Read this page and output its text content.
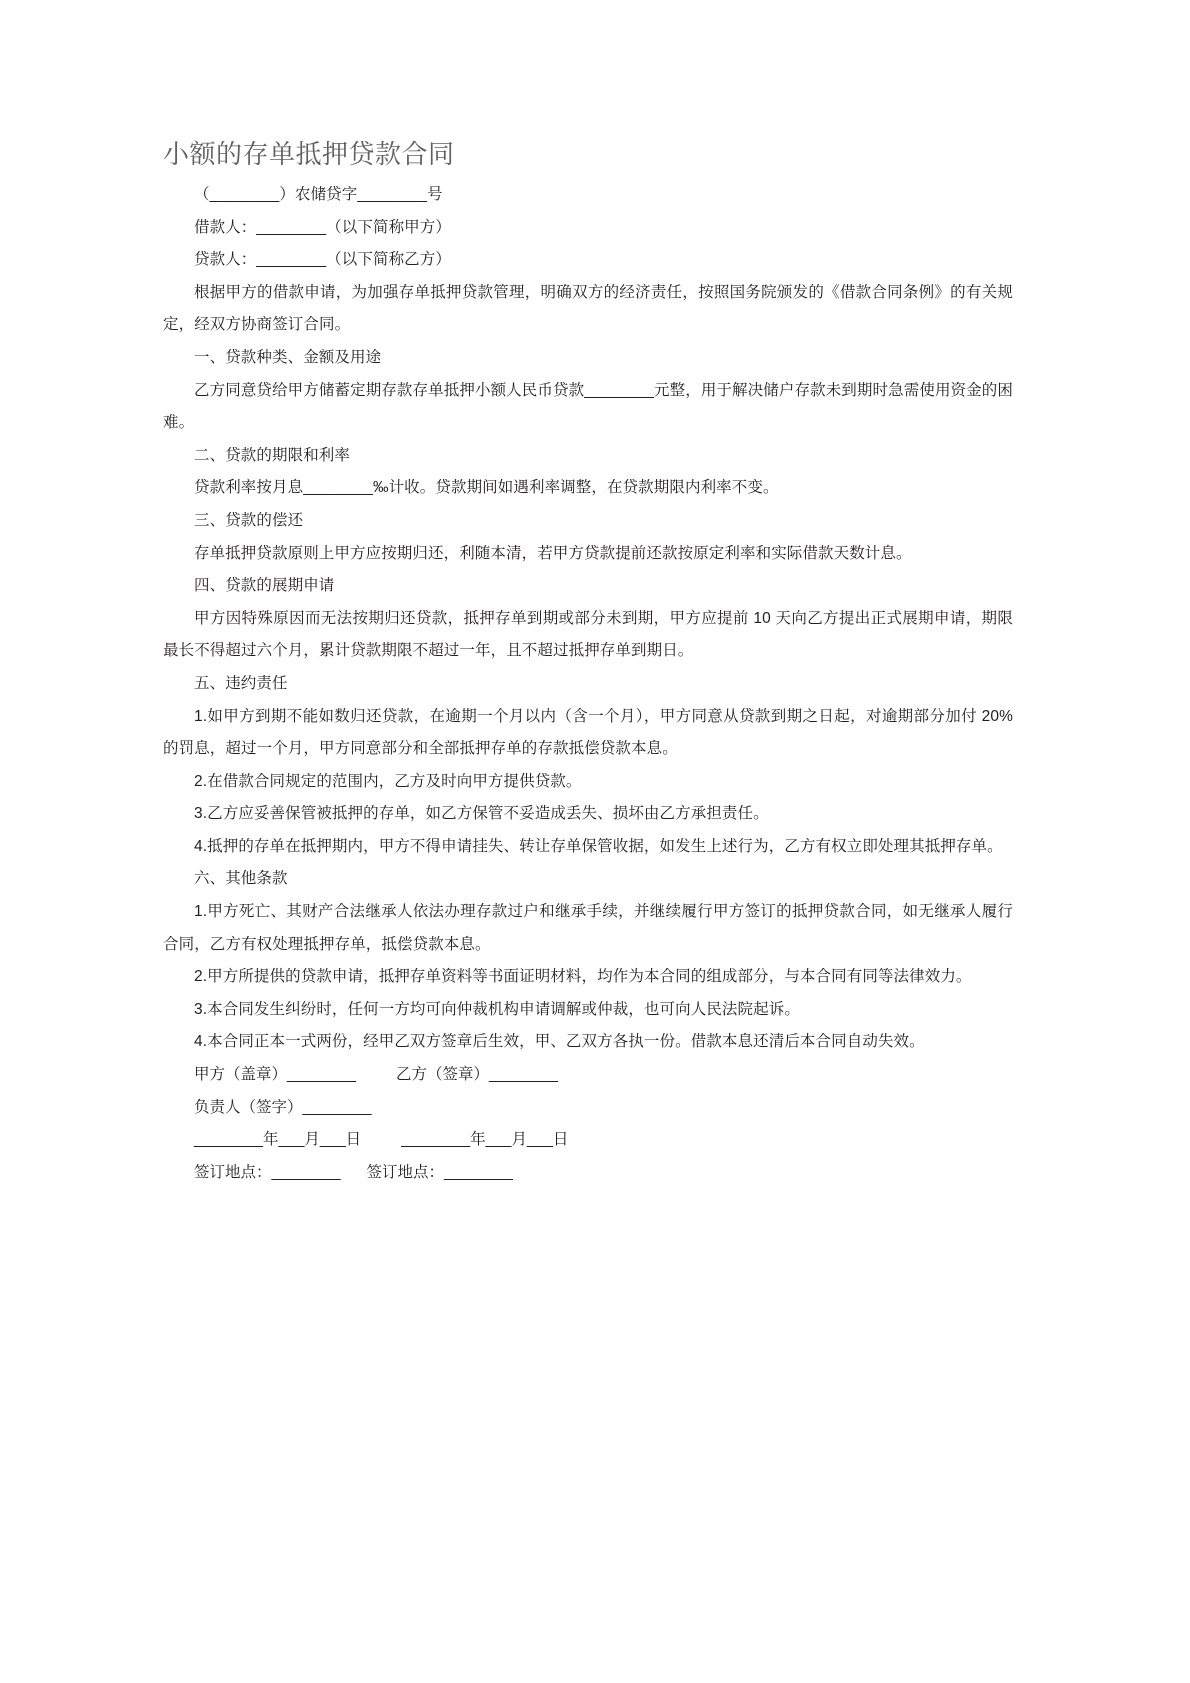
小额的存单抵押贷款合同

（________）农储贷字________号

借款人：________（以下简称甲方）

贷款人：________（以下简称乙方）

根据甲方的借款申请，为加强存单抵押贷款管理，明确双方的经济责任，按照国务院颁发的《借款合同条例》的有关规定，经双方协商签订合同。

一、贷款种类、金额及用途

乙方同意贷给甲方储蓄定期存款存单抵押小额人民币贷款________元整，用于解决储户存款未到期时急需使用资金的困难。

二、贷款的期限和利率

贷款利率按月息________‰计收。贷款期间如遇利率调整，在贷款期限内利率不变。

三、贷款的偿还

存单抵押贷款原则上甲方应按期归还，利随本清，若甲方贷款提前还款按原定利率和实际借款天数计息。

四、贷款的展期申请

甲方因特殊原因而无法按期归还贷款，抵押存单到期或部分未到期，甲方应提前 10 天向乙方提出正式展期申请，期限最长不得超过六个月，累计贷款期限不超过一年，且不超过抵押存单到期日。

五、违约责任

1.如甲方到期不能如数归还贷款，在逾期一个月以内（含一个月），甲方同意从贷款到期之日起，对逾期部分加付 20%的罚息，超过一个月，甲方同意部分和全部抵押存单的存款抵偿贷款本息。

2.在借款合同规定的范围内，乙方及时向甲方提供贷款。

3.乙方应妥善保管被抵押的存单，如乙方保管不妥造成丢失、损坏由乙方承担责任。

4.抵押的存单在抵押期内，甲方不得申请挂失、转让存单保管收据，如发生上述行为，乙方有权立即处理其抵押存单。

六、其他条款

1.甲方死亡、其财产合法继承人依法办理存款过户和继承手续，并继续履行甲方签订的抵押贷款合同，如无继承人履行合同，乙方有权处理抵押存单，抵偿贷款本息。

2.甲方所提供的贷款申请，抵押存单资料等书面证明材料，均作为本合同的组成部分，与本合同有同等法律效力。

3.本合同发生纠纷时，任何一方均可向仲裁机构申请调解或仲裁，也可向人民法院起诉。

4.本合同正本一式两份，经甲乙双方签章后生效，甲、乙双方各执一份。借款本息还清后本合同自动失效。

甲方（盖章）________	乙方（签章）________

负责人（签字）________

________年___月___日	________年___月___日

签订地点：________ 签订地点：________
